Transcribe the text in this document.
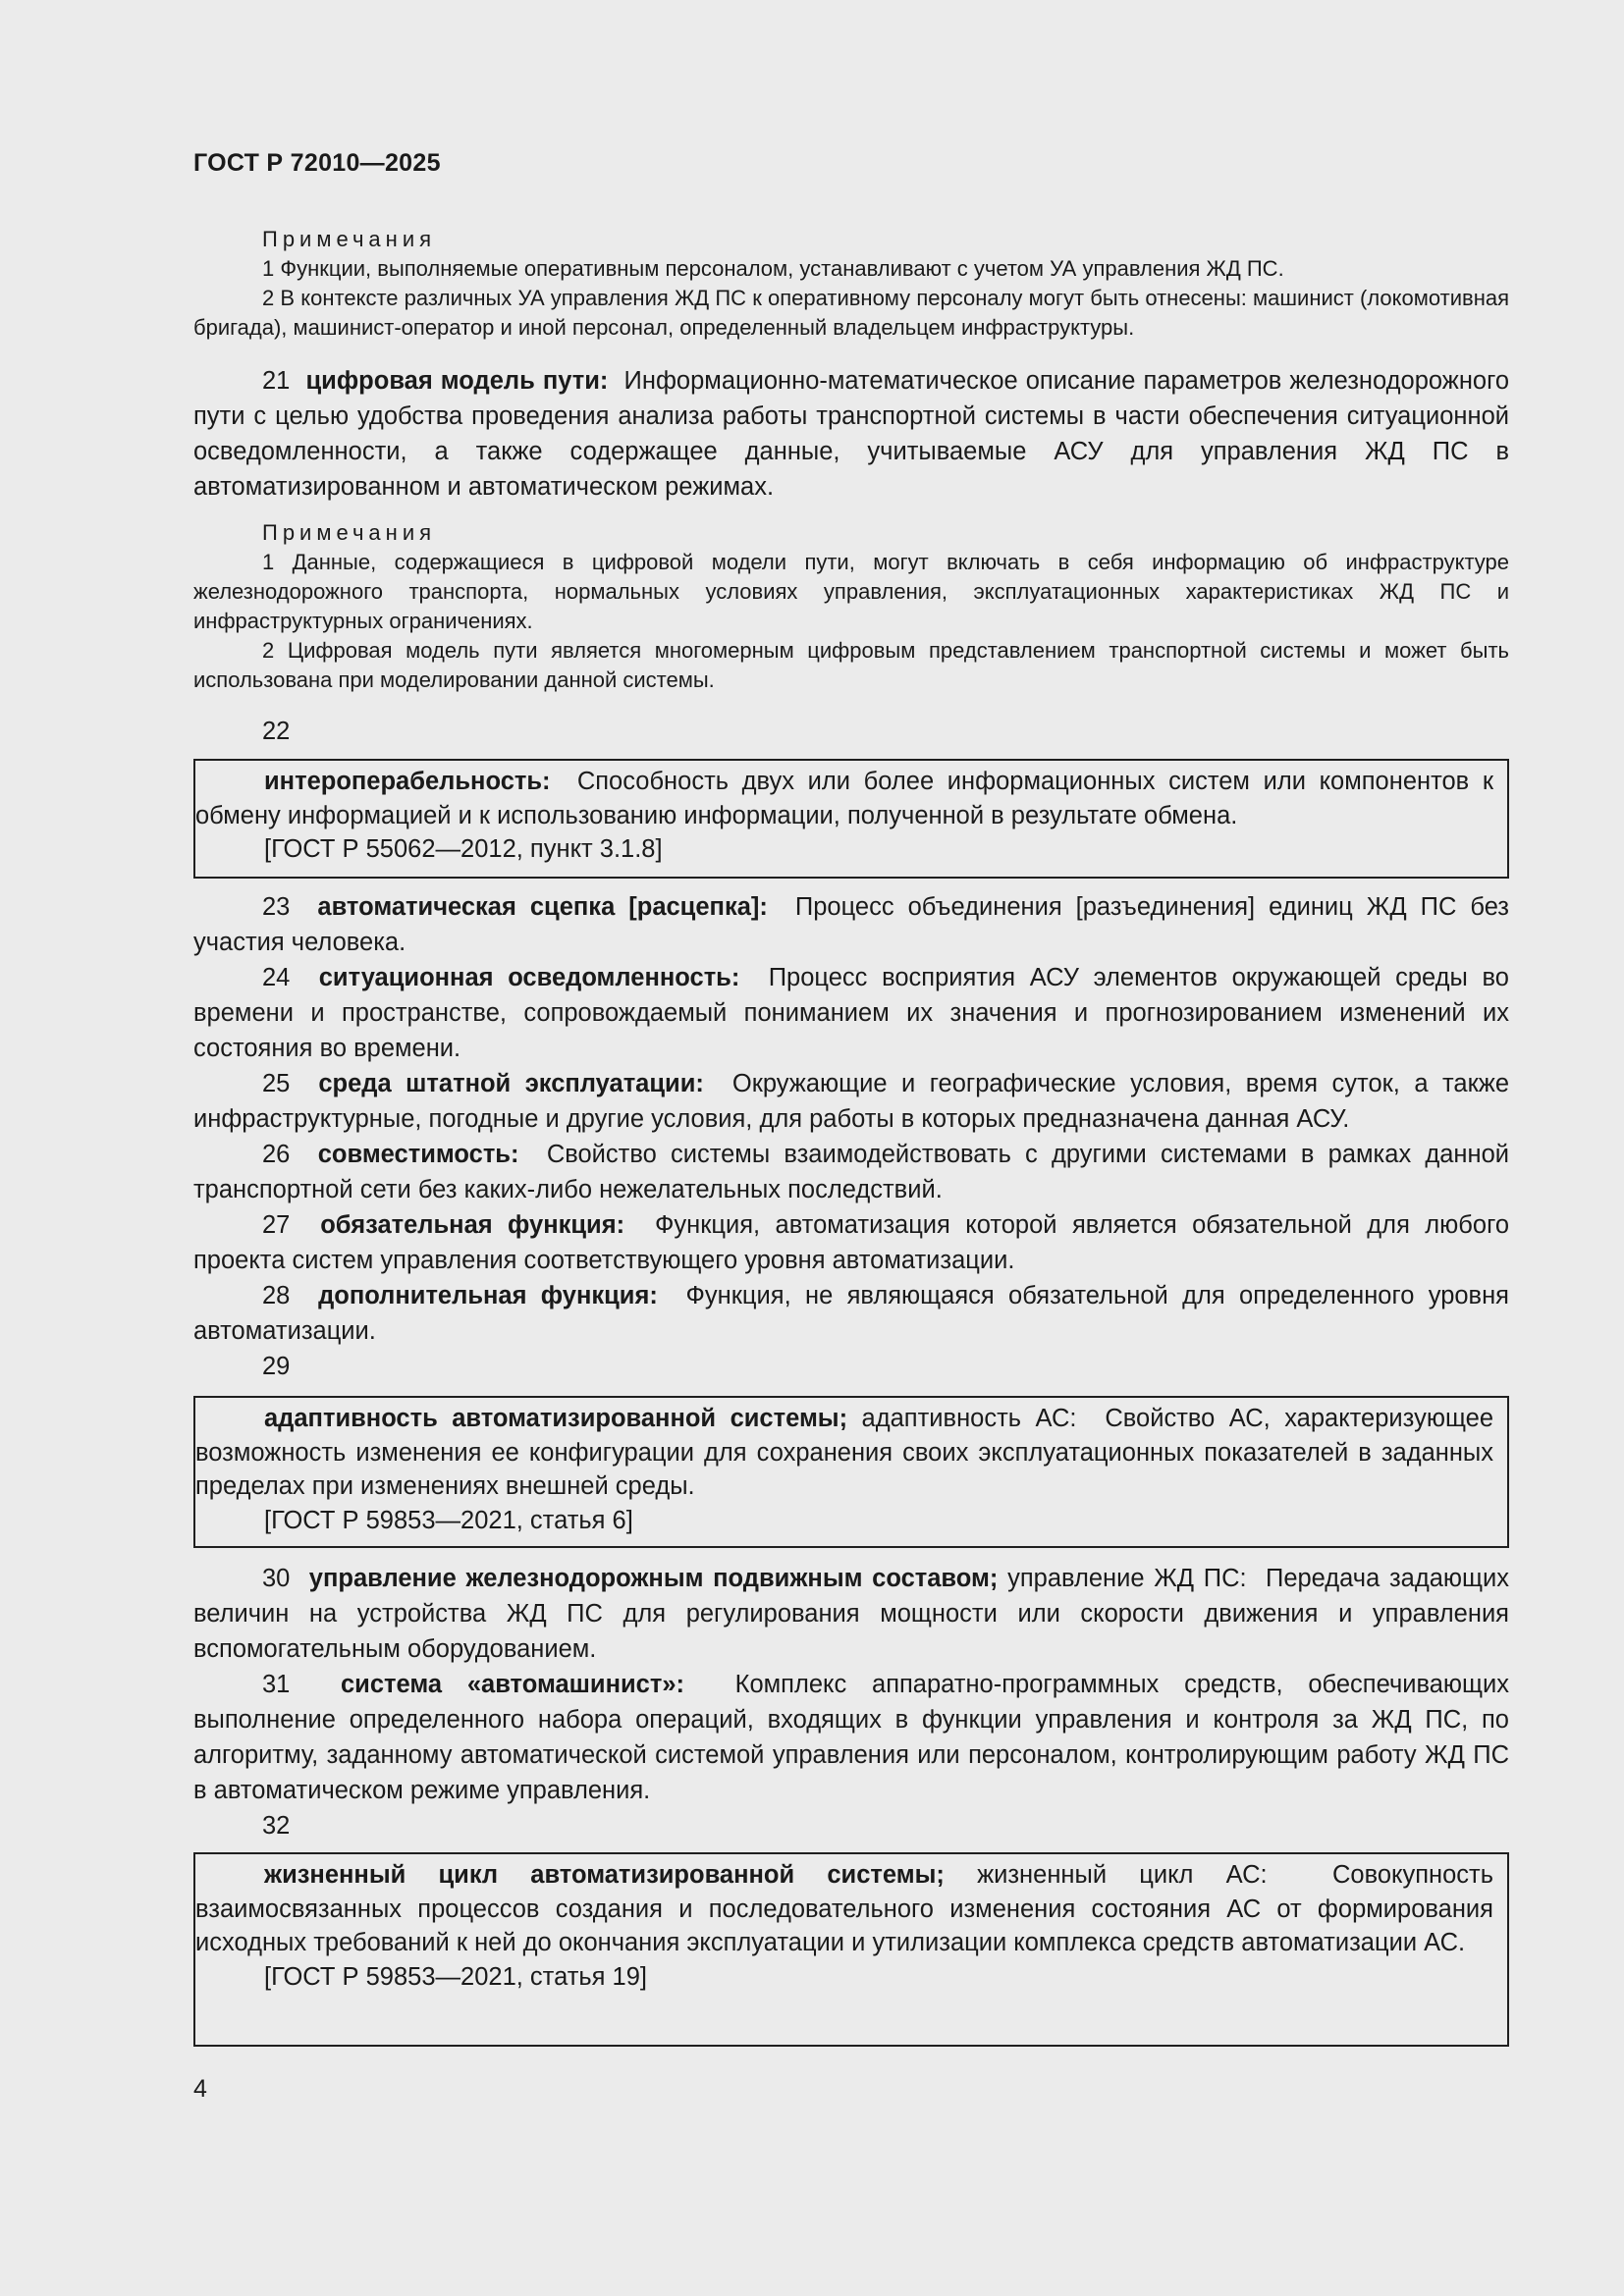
ГОСТ Р 72010—2025
Примечания
1 Функции, выполняемые оперативным персоналом, устанавливают с учетом УА управления ЖД ПС.
2 В контексте различных УА управления ЖД ПС к оперативному персоналу могут быть отнесены: машинист (локомотивная бригада), машинист-оператор и иной персонал, определенный владельцем инфраструктуры.

21 цифровая модель пути: Информационно-математическое описание параметров железнодорожного пути с целью удобства проведения анализа работы транспортной системы в части обеспечения ситуационной осведомленности, а также содержащее данные, учитываемые АСУ для управления ЖД ПС в автоматизированном и автоматическом режимах.

Примечания
1 Данные, содержащиеся в цифровой модели пути, могут включать в себя информацию об инфраструктуре железнодорожного транспорта, нормальных условиях управления, эксплуатационных характеристиках ЖД ПС и инфраструктурных ограничениях.
2 Цифровая модель пути является многомерным цифровым представлением транспортной системы и может быть использована при моделировании данной системы.
22

интероперабельность: Способность двух или более информационных систем или компонентов к обмену информацией и к использованию информации, полученной в результате обмена.

[ГОСТ Р 55062—2012, пункт 3.1.8]

23 автоматическая сцепка [расцепка]: Процесс объединения [разъединения] единиц ЖД ПС без участия человека.

24 ситуационная осведомленность: Процесс восприятия АСУ элементов окружающей среды во времени и пространстве, сопровождаемый пониманием их значения и прогнозированием изменений их состояния во времени.

25 среда штатной эксплуатации: Окружающие и географические условия, время суток, а также инфраструктурные, погодные и другие условия, для работы в которых предназначена данная АСУ.

26 совместимость: Свойство системы взаимодействовать с другими системами в рамках данной транспортной сети без каких-либо нежелательных последствий.

27 обязательная функция: Функция, автоматизация которой является обязательной для любого проекта систем управления соответствующего уровня автоматизации.

28 дополнительная функция: Функция, не являющаяся обязательной для определенного уровня автоматизации.

29

адаптивность автоматизированной системы; адаптивность АС: Свойство АС, характеризующее возможность изменения ее конфигурации для сохранения своих эксплуатационных показателей в заданных пределах при изменениях внешней среды.

[ГОСТ Р 59853—2021, статья 6]

30 управление железнодорожным подвижным составом; управление ЖД ПС: Передача задающих величин на устройства ЖД ПС для регулирования мощности или скорости движения и управления вспомогательным оборудованием.

31 система «автомашинист»: Комплекс аппаратно-программных средств, обеспечивающих выполнение определенного набора операций, входящих в функции управления и контроля за ЖД ПС, по алгоритму, заданному автоматической системой управления или персоналом, контролирующим работу ЖД ПС в автоматическом режиме управления.

32

жизненный цикл автоматизированной системы; жизненный цикл АС:	Совокупность взаимосвязанных процессов создания и последовательного изменения состояния АС от формирования исходных требований к ней до окончания эксплуатации и утилизации комплекса средств автоматизации АС.

[ГОСТ Р 59853—2021, статья 19]

4
